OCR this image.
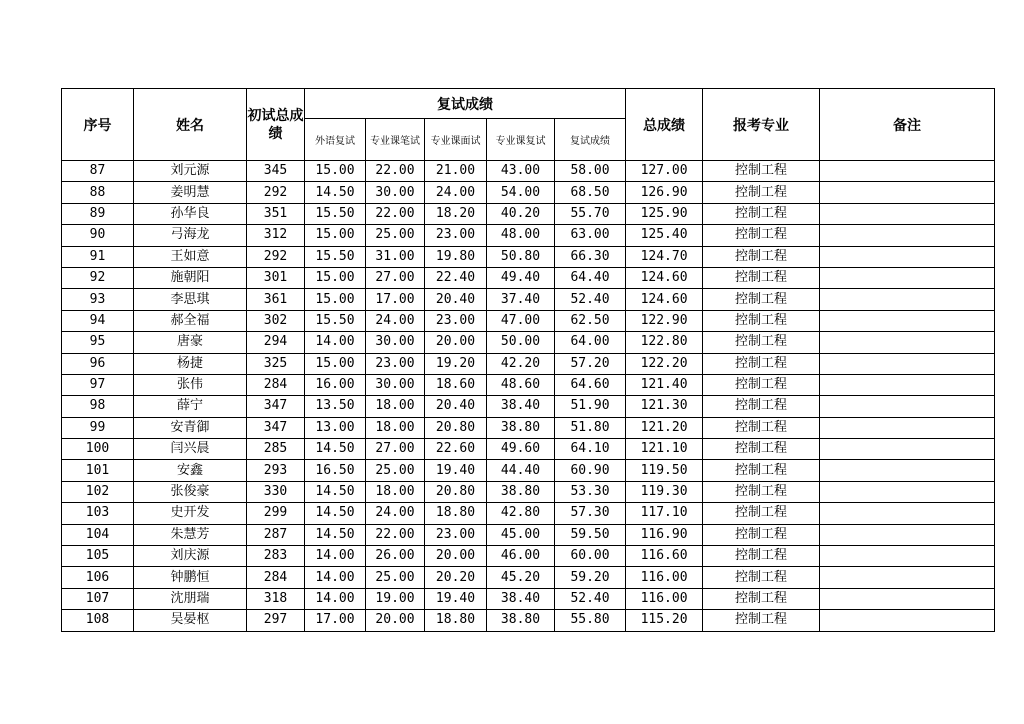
序号	姓名	初试总成绩	复试成绩					总成绩	报考专业	备注
			外语复试	专业课笔试	专业课面试	专业课复试	复试成绩			
87	刘元源	345	15.00	22.00	21.00	43.00	58.00	127.00	控制工程	
88	姜明慧	292	14.50	30.00	24.00	54.00	68.50	126.90	控制工程	
89	孙华良	351	15.50	22.00	18.20	40.20	55.70	125.90	控制工程	
90	弓海龙	312	15.00	25.00	23.00	48.00	63.00	125.40	控制工程	
91	王如意	292	15.50	31.00	19.80	50.80	66.30	124.70	控制工程	
92	施朝阳	301	15.00	27.00	22.40	49.40	64.40	124.60	控制工程	
93	李思琪	361	15.00	17.00	20.40	37.40	52.40	124.60	控制工程	
94	郝全福	302	15.50	24.00	23.00	47.00	62.50	122.90	控制工程	
95	唐豪	294	14.00	30.00	20.00	50.00	64.00	122.80	控制工程	
96	杨捷	325	15.00	23.00	19.20	42.20	57.20	122.20	控制工程	
97	张伟	284	16.00	30.00	18.60	48.60	64.60	121.40	控制工程	
98	薛宁	347	13.50	18.00	20.40	38.40	51.90	121.30	控制工程	
99	安青御	347	13.00	18.00	20.80	38.80	51.80	121.20	控制工程	
100	闫兴晨	285	14.50	27.00	22.60	49.60	64.10	121.10	控制工程	
101	安鑫	293	16.50	25.00	19.40	44.40	60.90	119.50	控制工程	
102	张俊豪	330	14.50	18.00	20.80	38.80	53.30	119.30	控制工程	
103	史开发	299	14.50	24.00	18.80	42.80	57.30	117.10	控制工程	
104	朱慧芳	287	14.50	22.00	23.00	45.00	59.50	116.90	控制工程	
105	刘庆源	283	14.00	26.00	20.00	46.00	60.00	116.60	控制工程	
106	钟鹏恒	284	14.00	25.00	20.20	45.20	59.20	116.00	控制工程	
107	沈朋瑞	318	14.00	19.00	19.40	38.40	52.40	116.00	控制工程	
108	吴晏枢	297	17.00	20.00	18.80	38.80	55.80	115.20	控制工程	
